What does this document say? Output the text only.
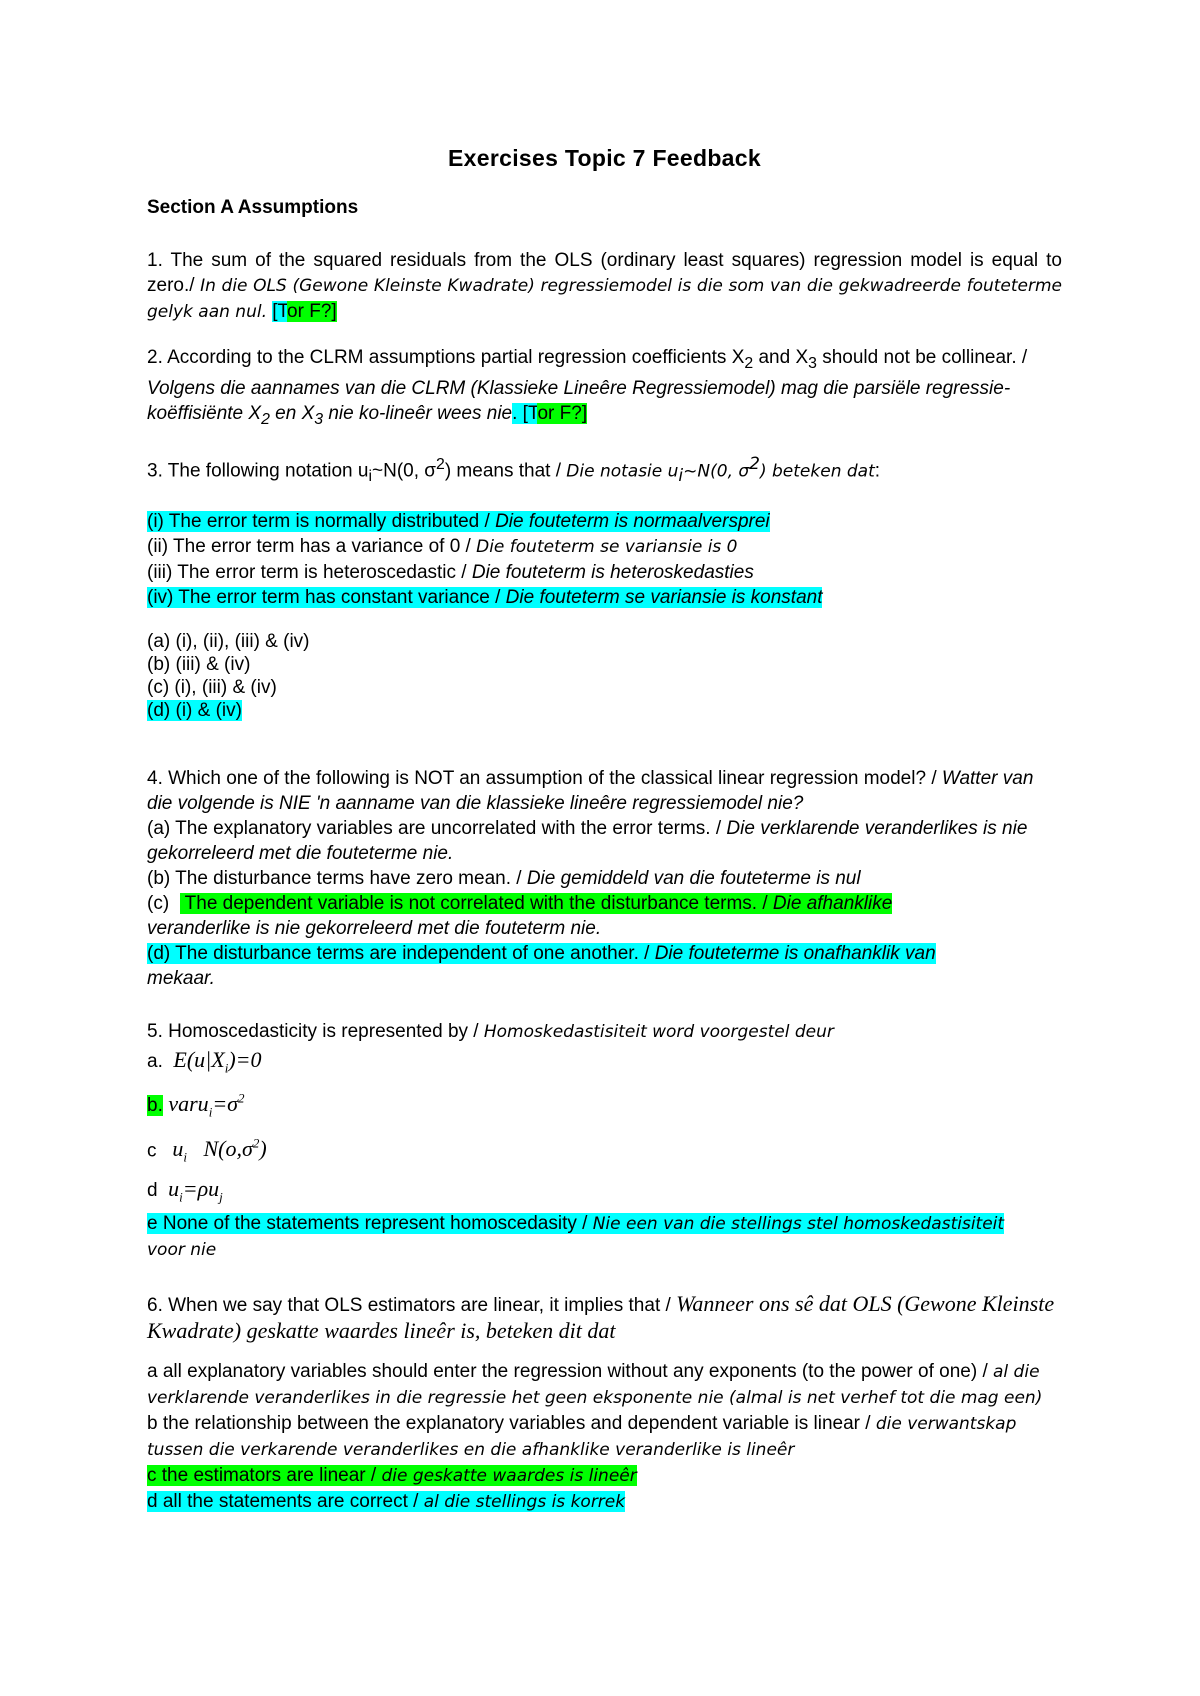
Exercises Topic 7 Feedback
Section A Assumptions

1. The sum of the squared residuals from the OLS (ordinary least squares) regression model is equal to zero./ In die OLS (Gewone Kleinste Kwadrate) regressiemodel is die som van die gekwadreerde fouteterme gelyk aan nul. [Tor F?]

2. According to the CLRM assumptions partial regression coefficients $X_2$ and $X_3$ should not be collinear. / Volgens die aannames van die CLRM (Klassieke Lineêre Regressiemodel) mag die parsiële regressie-koëffisiënte $X_2$ en $X_3$ nie ko-lineêr wees nie. [Tor F?]

3. The following notation $u_i\sim N(0$, $\sigma^2$) means that / Die notasie $u_i\sim N(0$, $\sigma^2$) beteken dat:

(i) The error term is normally distributed / Die fouteterm is normaalversprei

(ii) The error term has a variance of 0 / Die fouteterm se variansie is 0

(iii) The error term is heteroscedastic / Die fouteterm is heteroskedasties

(iv) The error term has constant variance / Die fouteterm se variansie is konstant

(a) (i), (ii), (iii) & (iv)

(b) (iii) & (iv)

(c) (i), (iii) & (iv)

(d) (i) & (iv)

4. Which one of the following is NOT an assumption of the classical linear regression model? / Watter van die volgende is NIE 'n aanname van die klassieke lineêre regressiemodel nie?

(a) The explanatory variables are uncorrelated with the error terms. / Die verklarende veranderlikes is nie gekorreleerd met die fouteterme nie.

(b) The disturbance terms have zero mean. / Die gemiddeld van die fouteterme is nul

(c)   The dependent variable is not correlated with the disturbance terms. / Die afhanklike
veranderlike is nie gekorreleerd met die fouteterm nie.

(d) The disturbance terms are independent of one another. / Die fouteterme is onafhanklik van
mekaar.

5. Homoscedasticity is represented by / Homoskedastisiteit word voorgestel deur

a.  $E(u|X_i)=0$

b. $varu_i=\sigma^2$

c   $u_i$   $N(o,\sigma^2)$

d  $u_i=\rho u_j$

e None of the statements represent homoscedasity / Nie een van die stellings stel homoskedastisiteit
voor nie

6. When we say that OLS estimators are linear, it implies that / Wanneer ons sê dat OLS (Gewone Kleinste Kwadrate) geskatte waardes lineêr is, beteken dit dat

a all explanatory variables should enter the regression without any exponents (to the power of one) / al die verklarende veranderlikes in die regressie het geen eksponente nie (almal is net verhef tot die mag een)

b the relationship between the explanatory variables and dependent variable is linear / die verwantskap tussen die verkarende veranderlikes en die afhanklike veranderlike is lineêr

c the estimators are linear / die geskatte waardes is lineêr

d all the statements are correct / al die stellings is korrek
